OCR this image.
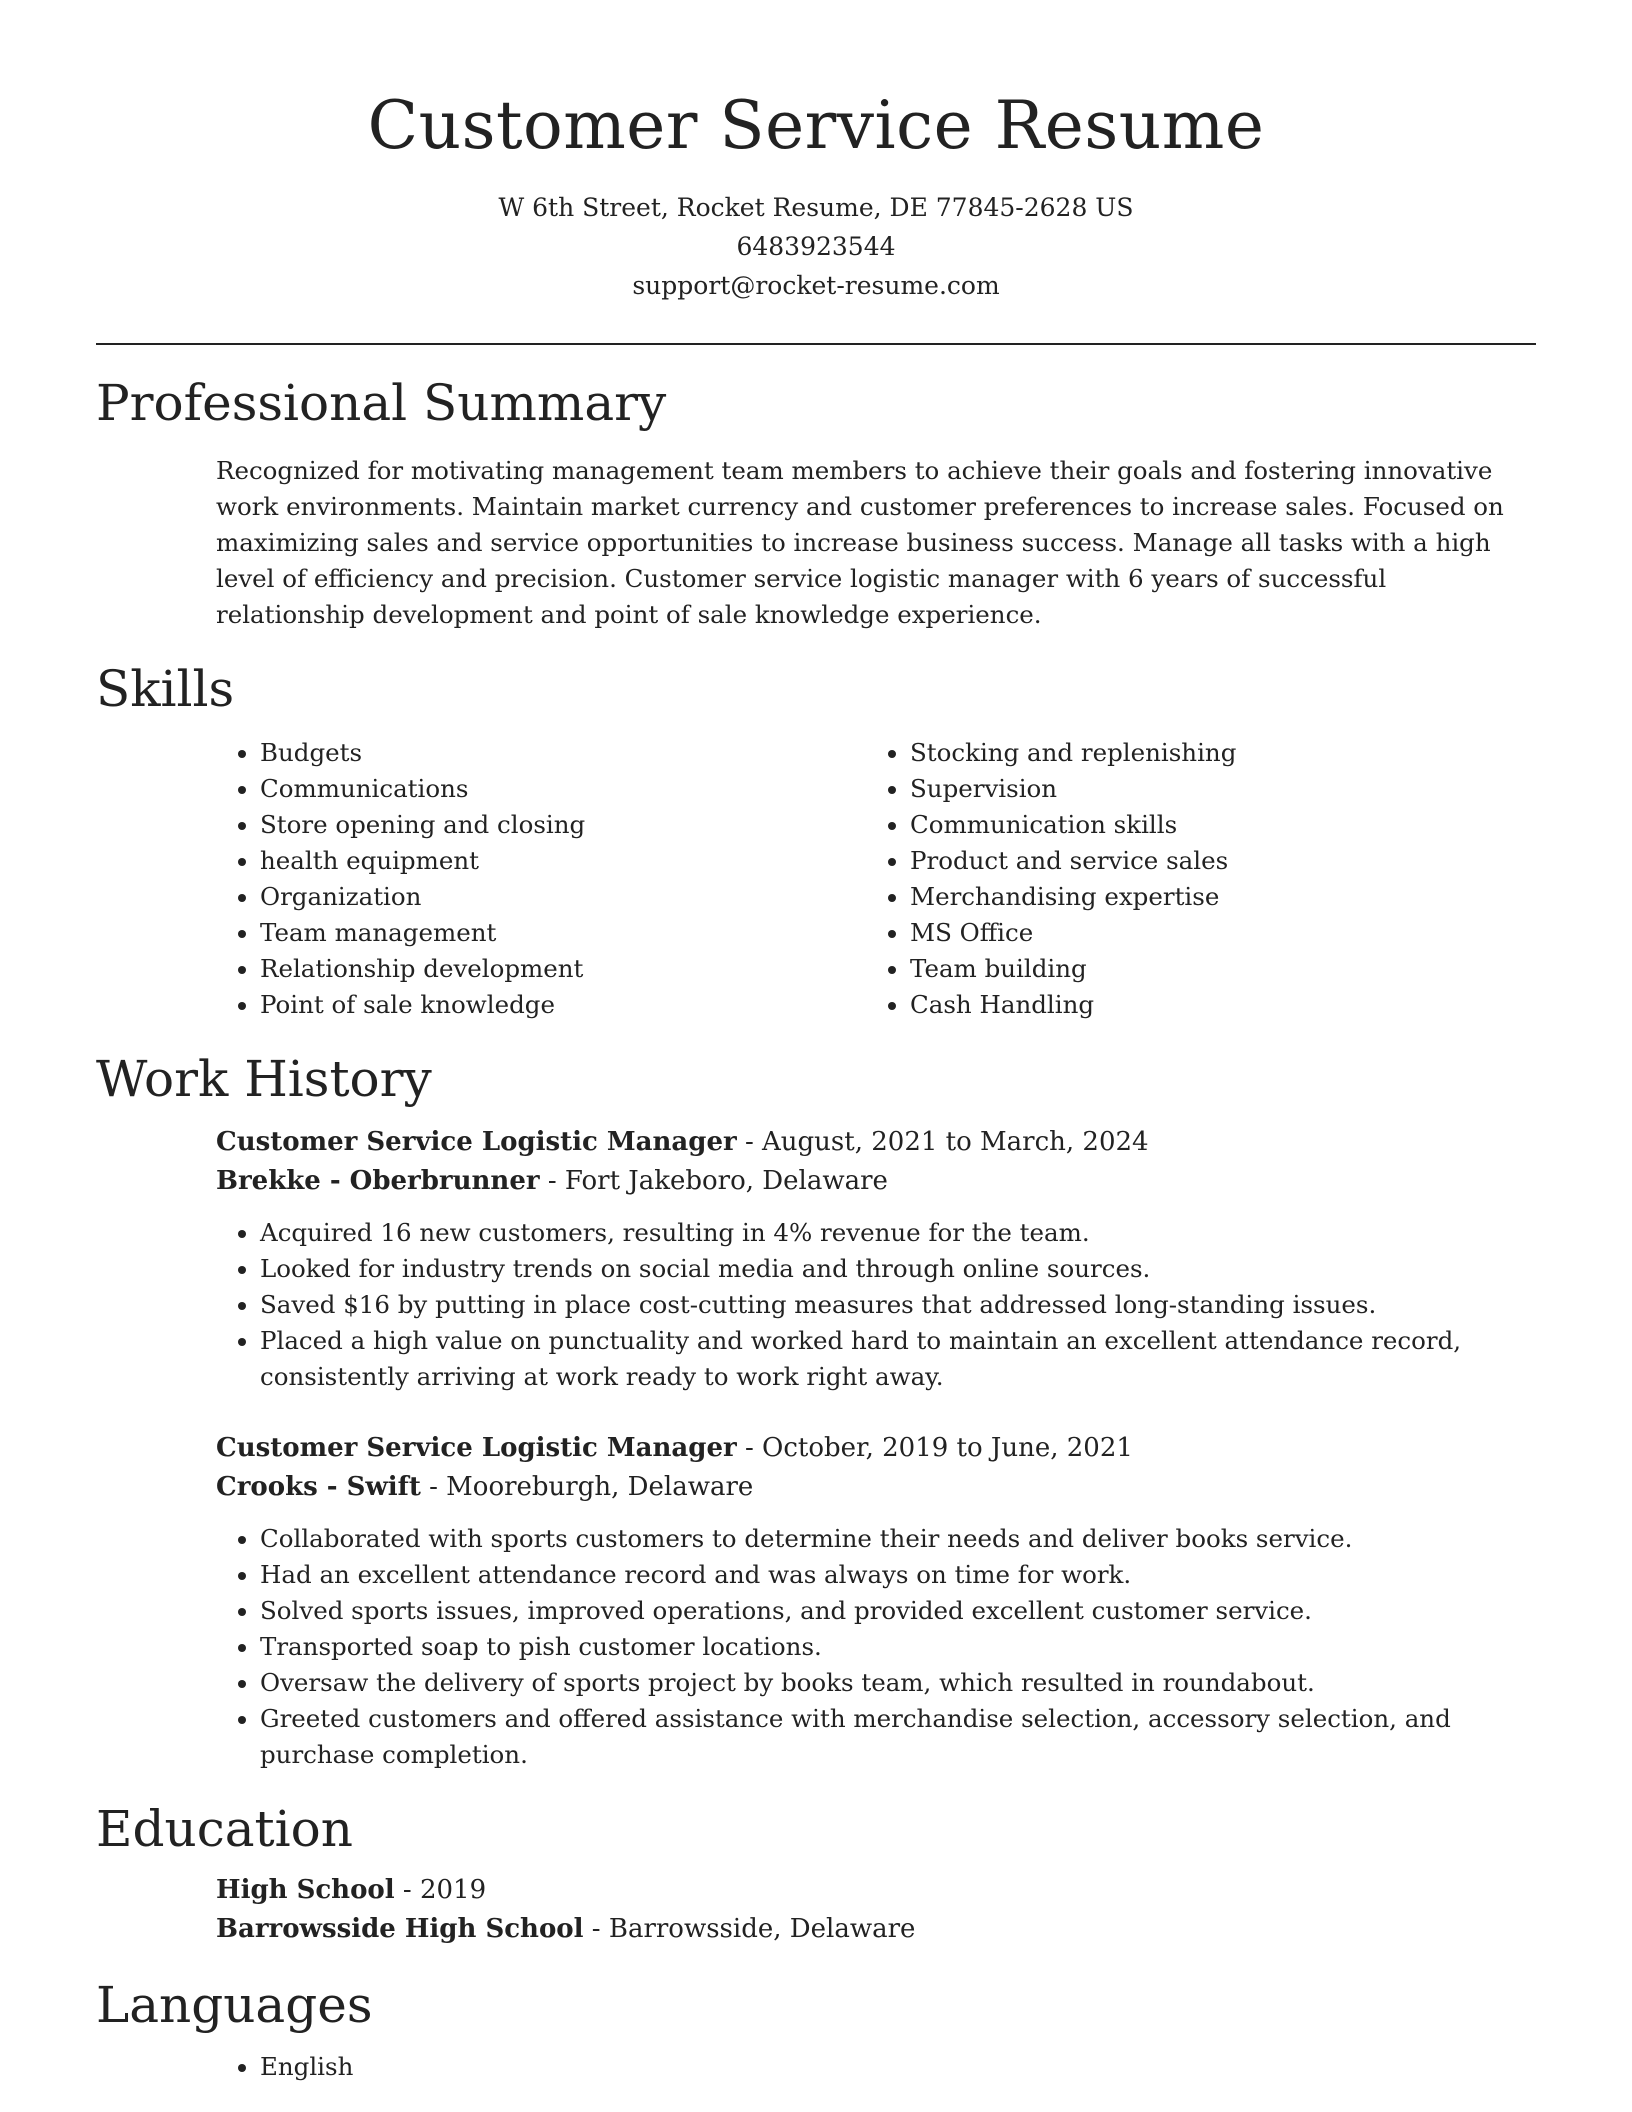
Customer Service Resume
W 6th Street, Rocket Resume, DE 77845-2628 US
6483923544
support@rocket-resume.com
Professional Summary
Recognized for motivating management team members to achieve their goals and fostering innovative work environments. Maintain market currency and customer preferences to increase sales. Focused on maximizing sales and service opportunities to increase business success. Manage all tasks with a high level of efficiency and precision. Customer service logistic manager with 6 years of successful relationship development and point of sale knowledge experience.
Skills
• Budgets
• Communications
• Store opening and closing
• health equipment
• Organization
• Team management
• Relationship development
• Point of sale knowledge
• Stocking and replenishing
• Supervision
• Communication skills
• Product and service sales
• Merchandising expertise
• MS Office
• Team building
• Cash Handling
Work History
Customer Service Logistic Manager - August, 2021 to March, 2024
Brekke - Oberbrunner - Fort Jakeboro, Delaware
• Acquired 16 new customers, resulting in 4% revenue for the team.
• Looked for industry trends on social media and through online sources.
• Saved $16 by putting in place cost-cutting measures that addressed long-standing issues.
• Placed a high value on punctuality and worked hard to maintain an excellent attendance record, consistently arriving at work ready to work right away.
Customer Service Logistic Manager - October, 2019 to June, 2021
Crooks - Swift - Mooreburgh, Delaware
• Collaborated with sports customers to determine their needs and deliver books service.
• Had an excellent attendance record and was always on time for work.
• Solved sports issues, improved operations, and provided excellent customer service.
• Transported soap to pish customer locations.
• Oversaw the delivery of sports project by books team, which resulted in roundabout.
• Greeted customers and offered assistance with merchandise selection, accessory selection, and purchase completion.
Education
High School - 2019
Barrowsside High School - Barrowsside, Delaware
Languages
• English
